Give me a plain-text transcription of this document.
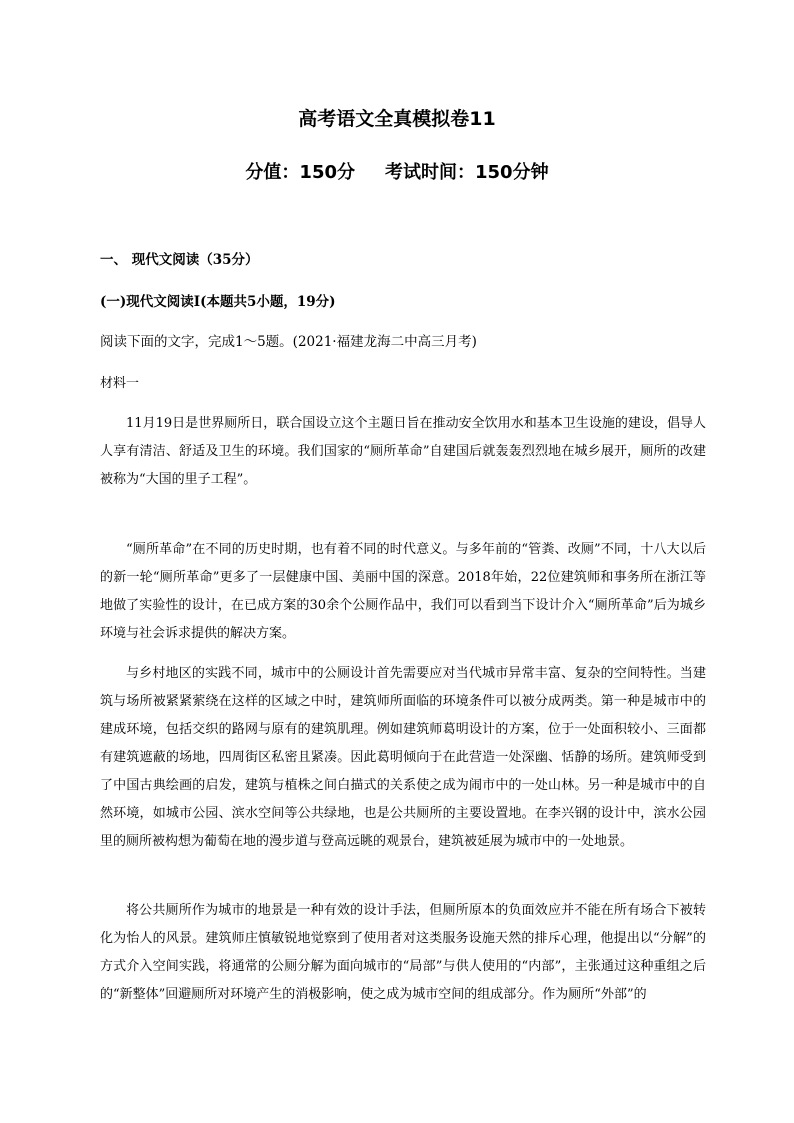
高考语文全真模拟卷11
分值：150分 考试时间：150分钟
一、 现代文阅读（35分）
(一)现代文阅读Ⅰ(本题共5小题，19分)
阅读下面的文字，完成1～5题。(2021·福建龙海二中高三月考)
材料一

11月19日是世界厕所日，联合国设立这个主题日旨在推动安全饮用水和基本卫生设施的建设，倡导人人享有清洁、舒适及卫生的环境。我们国家的“厕所革命”自建国后就轰轰烈烈地在城乡展开，厕所的改建被称为“大国的里子工程”。

“厕所革命”在不同的历史时期，也有着不同的时代意义。与多年前的“管粪、改厕”不同，十八大以后的新一轮“厕所革命”更多了一层健康中国、美丽中国的深意。2018年始，22位建筑师和事务所在浙江等地做了实验性的设计，在已成方案的30余个公厕作品中，我们可以看到当下设计介入“厕所革命”后为城乡环境与社会诉求提供的解决方案。

与乡村地区的实践不同，城市中的公厕设计首先需要应对当代城市异常丰富、复杂的空间特性。当建筑与场所被紧紧萦绕在这样的区域之中时，建筑师所面临的环境条件可以被分成两类。第一种是城市中的建成环境，包括交织的路网与原有的建筑肌理。例如建筑师葛明设计的方案，位于一处面积较小、三面都有建筑遮蔽的场地，四周街区私密且紧凑。因此葛明倾向于在此营造一处深幽、恬静的场所。建筑师受到了中国古典绘画的启发，建筑与植株之间白描式的关系使之成为闹市中的一处山林。另一种是城市中的自然环境，如城市公园、滨水空间等公共绿地，也是公共厕所的主要设置地。在李兴钢的设计中，滨水公园里的厕所被构想为葡萄在地的漫步道与登高远眺的观景台，建筑被延展为城市中的一处地景。

将公共厕所作为城市的地景是一种有效的设计手法，但厕所原本的负面效应并不能在所有场合下被转化为怡人的风景。建筑师庄慎敏锐地觉察到了使用者对这类服务设施天然的排斥心理，他提出以“分解”的方式介入空间实践，将通常的公厕分解为面向城市的“局部”与供人使用的“内部”，主张通过这种重组之后的“新整体”回避厕所对环境产生的消极影响，使之成为城市空间的组成部分。作为厕所“外部”的
